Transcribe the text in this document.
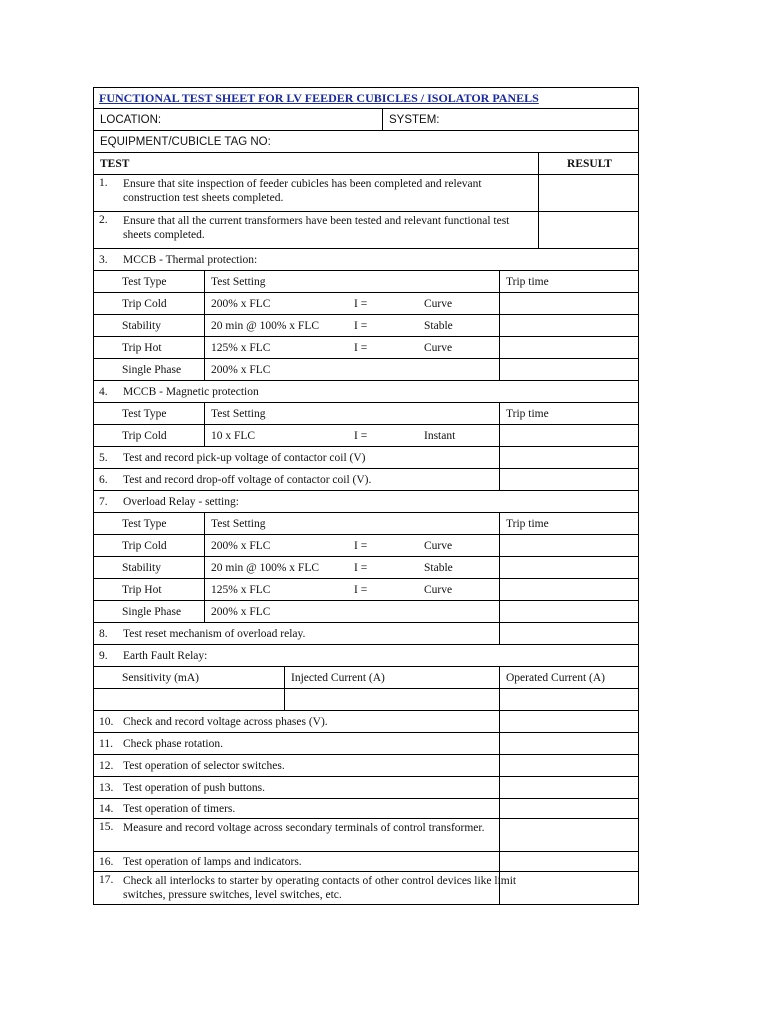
FUNCTIONAL TEST SHEET FOR LV FEEDER CUBICLES / ISOLATOR PANELS
LOCATION:	SYSTEM:
EQUIPMENT/CUBICLE TAG NO:
TEST	RESULT
1. Ensure that site inspection of feeder cubicles has been completed and relevant construction test sheets completed.
2. Ensure that all the current transformers have been tested and relevant functional test sheets completed.
3. MCCB - Thermal protection:
Test Type	Test Setting	Trip time
Trip Cold	200% x FLC	I =	Curve
Stability	20 min @ 100% x FLC	I =	Stable
Trip Hot	125% x FLC	I =	Curve
Single Phase	200% x FLC
4. MCCB - Magnetic protection
Test Type	Test Setting	Trip time
Trip Cold	10 x FLC	I =	Instant
5. Test and record pick-up voltage of contactor coil (V)
6. Test and record drop-off voltage of contactor coil (V).
7. Overload Relay - setting:
Test Type	Test Setting	Trip time
Trip Cold	200% x FLC	I =	Curve
Stability	20 min @ 100% x FLC	I =	Stable
Trip Hot	125% x FLC	I =	Curve
Single Phase	200% x FLC
8. Test reset mechanism of overload relay.
9. Earth Fault Relay:
Sensitivity (mA)	Injected Current (A)	Operated Current (A)
10. Check and record voltage across phases (V).
11. Check phase rotation.
12. Test operation of selector switches.
13. Test operation of push buttons.
14. Test operation of timers.
15. Measure and record voltage across secondary terminals of control transformer.
16. Test operation of lamps and indicators.
17. Check all interlocks to starter by operating contacts of other control devices like limit switches, pressure switches, level switches, etc.
